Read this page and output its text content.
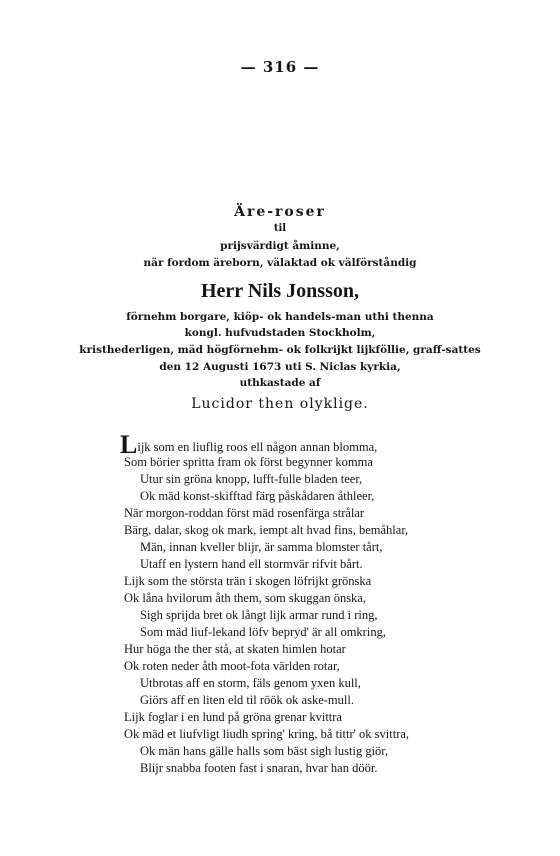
— 316 —
Äre-roser
til
prijsvärdigt åminne,
när fordom äreborn, välaktad ok välförståndig
Herr Nils Jonsson,
förnehm borgare, kiöp- ok handels-man uthi thenna
kongl. hufvudstaden Stockholm,
kristhederligen, mäd högförnehm- ok folkrijkt lijkföllie, graff-sattes
den 12 Augusti 1673 uti S. Niclas kyrkia,
uthkastade af
Lucidor then olyklige.
Lijk som en liuflig roos ell någon annan blomma,
Som börier spritta fram ok först begynner komma
Utur sin gröna knopp, lufft-fulle bladen teer,
Ok mäd konst-skifftad färg påskådaren åthleer,
När morgon-roddan först mäd rosenfärga strålar
Bärg, dalar, skog ok mark, iempt alt hvad fins, bemåhlar,
Män, innan kveller blijr, är samma blomster tårt,
Utaff en lystern hand ell stormvär rifvit bårt.
Lijk som the största trän i skogen löfrijkt grönska
Ok låna hvilorum åth them, som skuggan önska,
Sigh sprijda bret ok långt lijk armar rund i ring,
Som mäd liuf-lekand löfv bepryd' är all omkring,
Hur höga the ther stå, at skaten himlen hotar
Ok roten neder åth moot-fota världen rotar,
Utbrotas aff en storm, fäls genom yxen kull,
Giörs aff en liten eld til röök ok aske-mull.
Lijk foglar i en lund på gröna grenar kvittra
Ok mäd et liufvligt liudh spring' kring, bå tittr' ok svittra,
Ok män hans gälle halls som bäst sigh lustig giör,
Blijr snabba footen fast i snaran, hvar han döör.
